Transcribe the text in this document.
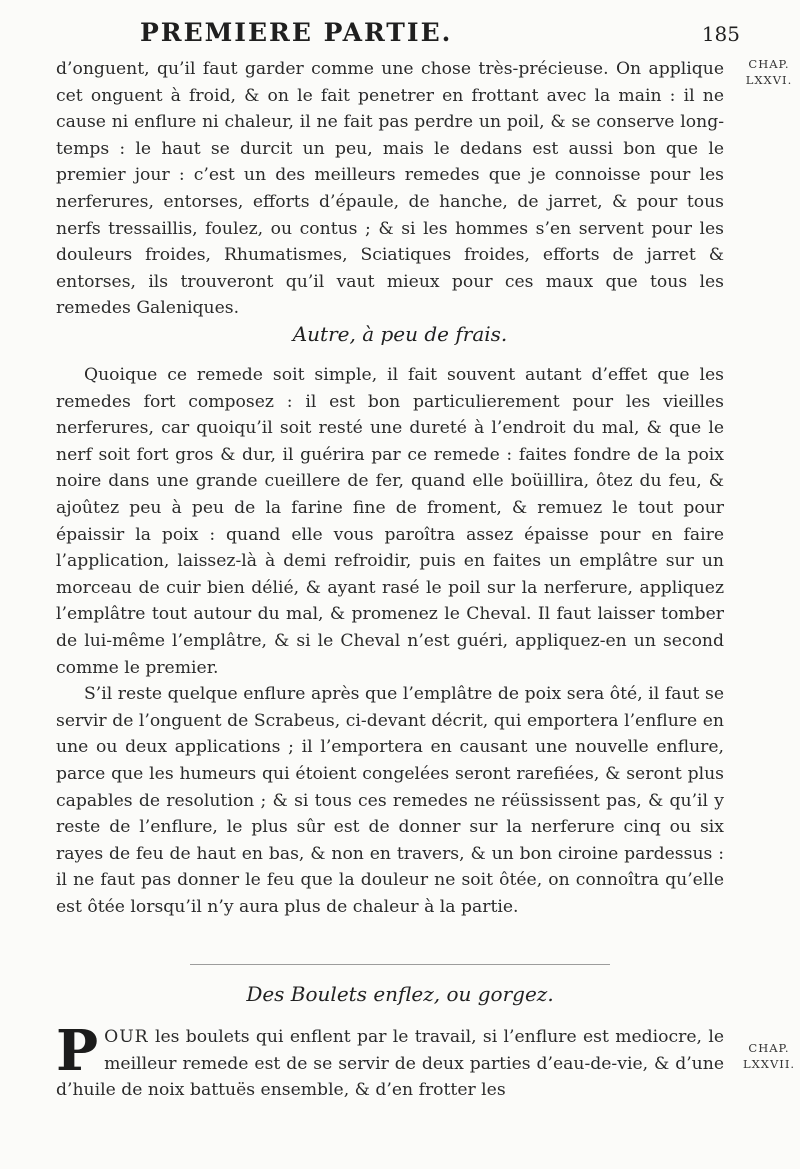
PREMIERE PARTIE.	185
CHAP. LXXVI.

d’onguent, qu’il faut garder comme une chose très-précieuse. On applique cet onguent à froid, & on le fait penetrer en frottant avec la main : il ne cause ni enflure ni chaleur, il ne fait pas perdre un poil, & se conserve long-temps : le haut se durcit un peu, mais le dedans est aussi bon que le premier jour : c’est un des meilleurs remedes que je connoisse pour les nerferures, entorses, efforts d’épaule, de hanche, de jarret, & pour tous nerfs tressaillis, foulez, ou contus ; & si les hommes s’en servent pour les douleurs froides, Rhumatismes, Sciatiques froides, efforts de jarret & entorses, ils trouveront qu’il vaut mieux pour ces maux que tous les remedes Galeniques.

Autre, à peu de frais.

Quoique ce remede soit simple, il fait souvent autant d’effet que les remedes fort composez : il est bon particulierement pour les vieilles nerferures, car quoiqu’il soit resté une dureté à l’endroit du mal, & que le nerf soit fort gros & dur, il guérira par ce remede : faites fondre de la poix noire dans une grande cueillere de fer, quand elle boüillira, ôtez du feu, & ajoûtez peu à peu de la farine fine de froment, & remuez le tout pour épaissir la poix : quand elle vous paroîtra assez épaisse pour en faire l’application, laissez-là à demi refroidir, puis en faites un emplâtre sur un morceau de cuir bien délié, & ayant rasé le poil sur la nerferure, appliquez l’emplâtre tout autour du mal, & promenez le Cheval. Il faut laisser tomber de lui-même l’emplâtre, & si le Cheval n’est guéri, appliquez-en un second comme le premier.

S’il reste quelque enflure après que l’emplâtre de poix sera ôté, il faut se servir de l’onguent de Scrabeus, ci-devant décrit, qui emportera l’enflure en une ou deux applications ; il l’emportera en causant une nouvelle enflure, parce que les humeurs qui étoient congelées seront rarefiées, & seront plus capables de resolution ; & si tous ces remedes ne réüssissent pas, & qu’il y reste de l’enflure, le plus sûr est de donner sur la nerferure cinq ou six rayes de feu de haut en bas, & non en travers, & un bon ciroine pardessus : il ne faut pas donner le feu que la douleur ne soit ôtée, on connoîtra qu’elle est ôtée lorsqu’il n’y aura plus de chaleur à la partie.

Des Boulets enflez, ou gorgez.
CHAP. LXXVII.

POUR les boulets qui enflent par le travail, si l’enflure est mediocre, le meilleur remede est de se servir de deux parties d’eau-de-vie, & d’une d’huile de noix battuës ensemble, & d’en frotter les
